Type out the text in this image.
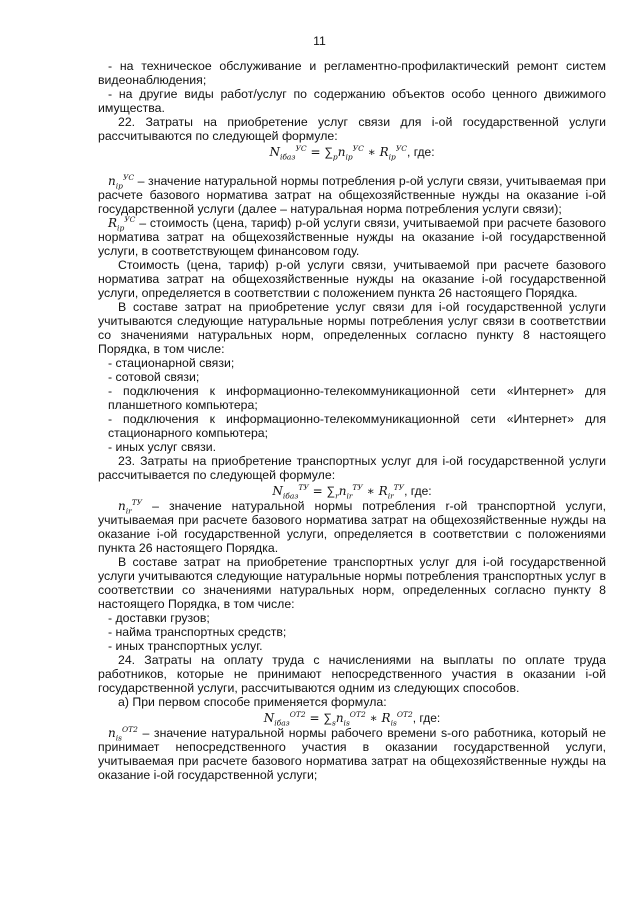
11

- на техническое обслуживание и регламентно-профилактический ремонт систем видеонаблюдения;

- на другие виды работ/услуг по содержанию объектов особо ценного движимого имущества.

22. Затраты на приобретение услуг связи для i-ой государственной услуги рассчитываются по следующей формуле:

$N_{iбаз}^{УС} = \sum_pn_{ip}^{УС}$ ∗ $R_{ip}^{УС}$, где:

$n_{ip}^{УС}$ – значение натуральной нормы потребления p-ой услуги связи, учитываемая при расчете базового норматива затрат на общехозяйственные нужды на оказание i-ой государственной услуги (далее – натуральная норма потребления услуги связи);

$R_{ip}^{УС}$ – стоимость (цена, тариф) p-ой услуги связи, учитываемой при расчете базового норматива затрат на общехозяйственные нужды на оказание i-ой государственной услуги, в соответствующем финансовом году.

Стоимость (цена, тариф) p-ой услуги связи, учитываемой при расчете базового норматива затрат на общехозяйственные нужды на оказание i-ой государственной услуги, определяется в соответствии с положением пункта 26 настоящего Порядка.

В составе затрат на приобретение услуг связи для i-ой государственной услуги учитываются следующие натуральные нормы потребления услуг связи в соответствии со значениями натуральных норм, определенных согласно пункту 8 настоящего Порядка, в том числе:

- стационарной связи;

- сотовой связи;

- подключения к информационно-телекоммуникационной сети «Интернет» для планшетного компьютера;

- подключения к информационно-телекоммуникационной сети «Интернет» для стационарного компьютера;

- иных услуг связи.

23. Затраты на приобретение транспортных услуг для i-ой государственной услуги рассчитывается по следующей формуле:

$N_{iбаз}^{ТУ} = \sum_rn_{ir}^{ТУ}$ ∗ $R_{ir}^{ТУ}$, где:

$n_{ir}^{ТУ}$ – значение натуральной нормы потребления r-ой транспортной услуги, учитываемая при расчете базового норматива затрат на общехозяйственные нужды на оказание i-ой государственной услуги, определяется в соответствии с положениями пункта 26 настоящего Порядка.

В составе затрат на приобретение транспортных услуг для i-ой государственной услуги учитываются следующие натуральные нормы потребления транспортных услуг в соответствии со значениями натуральных норм, определенных согласно пункту 8 настоящего Порядка, в том числе:

- доставки грузов;

- найма транспортных средств;

- иных транспортных услуг.

24. Затраты на оплату труда с начислениями на выплаты по оплате труда работников, которые не принимают непосредственного участия в оказании i-ой государственной услуги, рассчитываются одним из следующих способов.

а) При первом способе применяется формула:

$N_{iбаз}^{ОТ2} = \sum_sn_{is}^{ОТ2}$ ∗ $R_{is}^{ОТ2}$, где:

$n_{is}^{ОТ2}$ – значение натуральной нормы рабочего времени s-ого работника, который не принимает непосредственного участия в оказании государственной услуги, учитываемая при расчете базового норматива затрат на общехозяйственные нужды на оказание i-ой государственной услуги;
